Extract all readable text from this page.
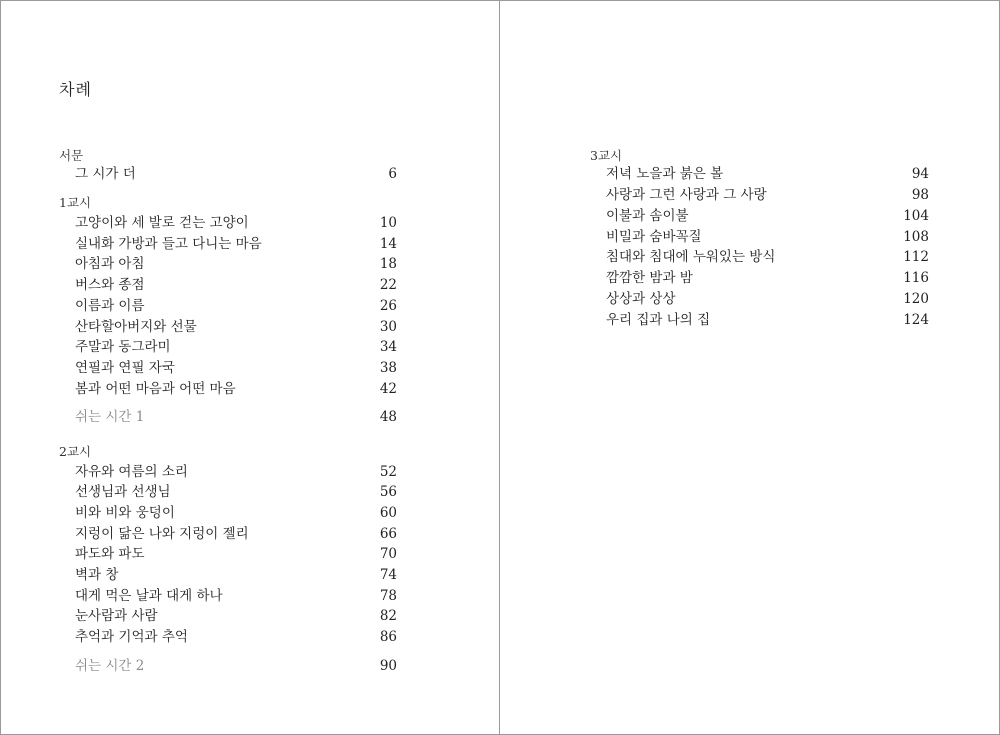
차례
서문
그 시가 더	6
1교시
고양이와 세 발로 걷는 고양이	10
실내화 가방과 들고 다니는 마음	14
아침과 아침	18
버스와 종점	22
이름과 이름	26
산타할아버지와 선물	30
주말과 동그라미	34
연필과 연필 자국	38
봄과 어떤 마음과 어떤 마음	42
쉬는 시간 1	48
2교시
자유와 여름의 소리	52
선생님과 선생님	56
비와 비와 웅덩이	60
지렁이 닮은 나와 지렁이 젤리	66
파도와 파도	70
벽과 창	74
대게 먹은 날과 대게 하나	78
눈사람과 사람	82
추억과 기억과 추억	86
쉬는 시간 2	90
3교시
저녁 노을과 붉은 볼	94
사랑과 그런 사랑과 그 사랑	98
이불과 솜이불	104
비밀과 숨바꼭질	108
침대와 침대에 누워있는 방식	112
깜깜한 밤과 밤	116
상상과 상상	120
우리 집과 나의 집	124
